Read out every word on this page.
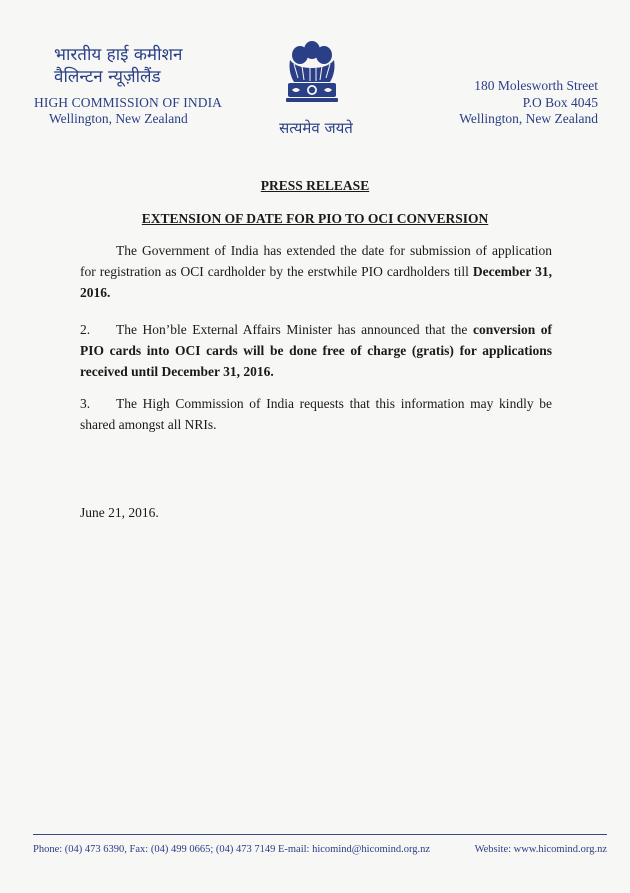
भारतीय हाई कमीशन
वैलिन्टन न्यूज़ीलैंड
HIGH COMMISSION OF INDIA
Wellington, New Zealand
सत्यमेव जयते
180 Molesworth Street
P.O Box 4045
Wellington, New Zealand
PRESS RELEASE
EXTENSION OF DATE FOR PIO TO OCI CONVERSION
The Government of India has extended the date for submission of application for registration as OCI cardholder by the erstwhile PIO cardholders till December 31, 2016.
2. The Hon’ble External Affairs Minister has announced that the conversion of PIO cards into OCI cards will be done free of charge (gratis) for applications received until December 31, 2016.
3. The High Commission of India requests that this information may kindly be shared amongst all NRIs.
June 21, 2016.
Phone: (04) 473 6390, Fax: (04) 499 0665; (04) 473 7149 E-mail: hicomind@hicomind.org.nz	Website: www.hicomind.org.nz
